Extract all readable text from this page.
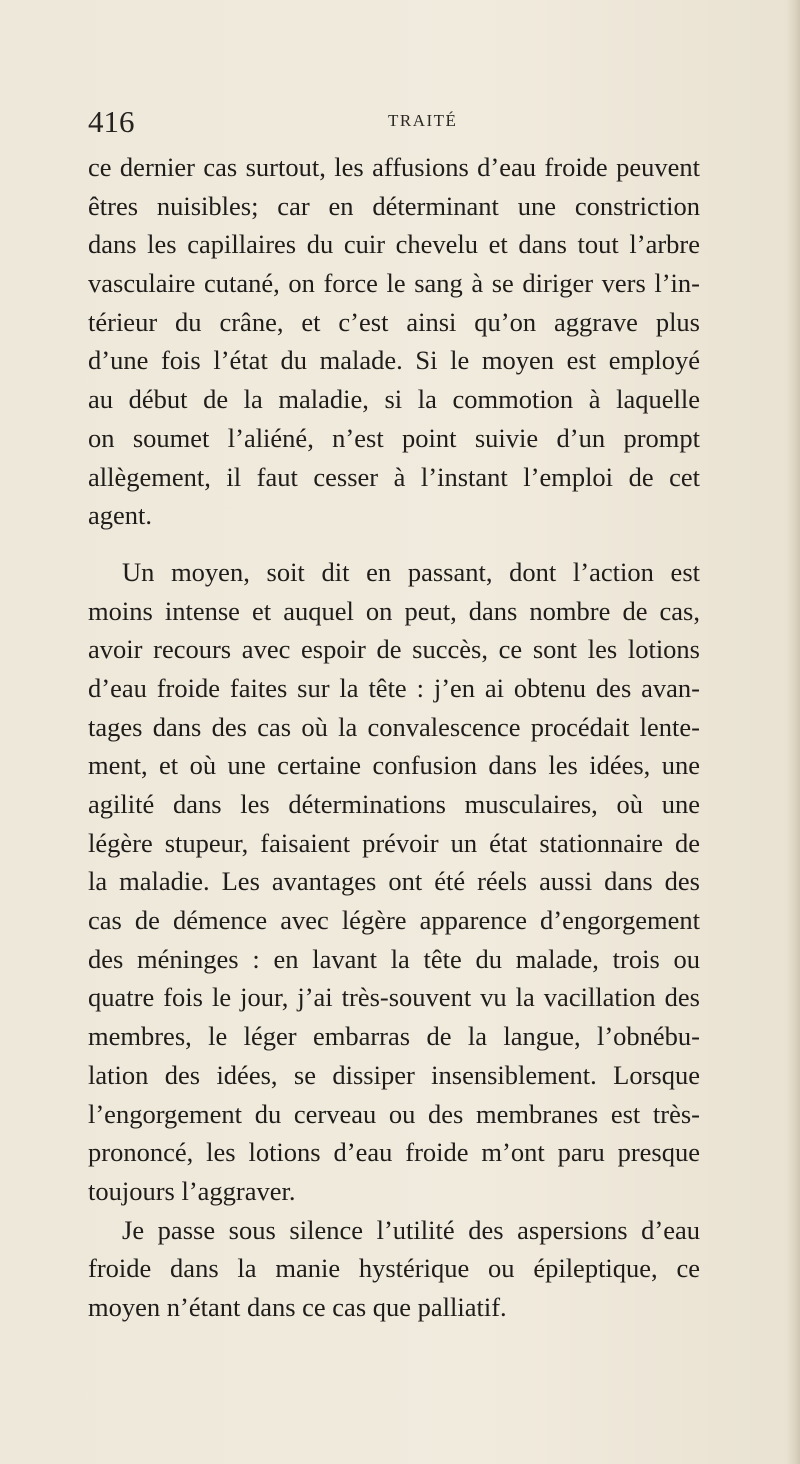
416	TRAITÉ
ce dernier cas surtout, les affusions d’eau froide peuvent
êtres nuisibles; car en déterminant une constriction
dans les capillaires du cuir chevelu et dans tout l’arbre
vasculaire cutané, on force le sang à se diriger vers l’in-
térieur du crâne, et c’est ainsi qu’on aggrave plus
d’une fois l’état du malade. Si le moyen est employé
au début de la maladie, si la commotion à laquelle
on soumet l’aliéné, n’est point suivie d’un prompt
allègement, il faut cesser à l’instant l’emploi de cet
agent.
Un moyen, soit dit en passant, dont l’action est
moins intense et auquel on peut, dans nombre de cas,
avoir recours avec espoir de succès, ce sont les lotions
d’eau froide faites sur la tête : j’en ai obtenu des avan-
tages dans des cas où la convalescence procédait lente-
ment, et où une certaine confusion dans les idées, une
agilité dans les déterminations musculaires, où une
légère stupeur, faisaient prévoir un état stationnaire de
la maladie. Les avantages ont été réels aussi dans des
cas de démence avec légère apparence d’engorgement
des méninges : en lavant la tête du malade, trois ou
quatre fois le jour, j’ai très-souvent vu la vacillation des
membres, le léger embarras de la langue, l’obnébu-
lation des idées, se dissiper insensiblement. Lorsque
l’engorgement du cerveau ou des membranes est très-
prononcé, les lotions d’eau froide m’ont paru presque
toujours l’aggraver.
Je passe sous silence l’utilité des aspersions d’eau
froide dans la manie hystérique ou épileptique, ce
moyen n’étant dans ce cas que palliatif.
